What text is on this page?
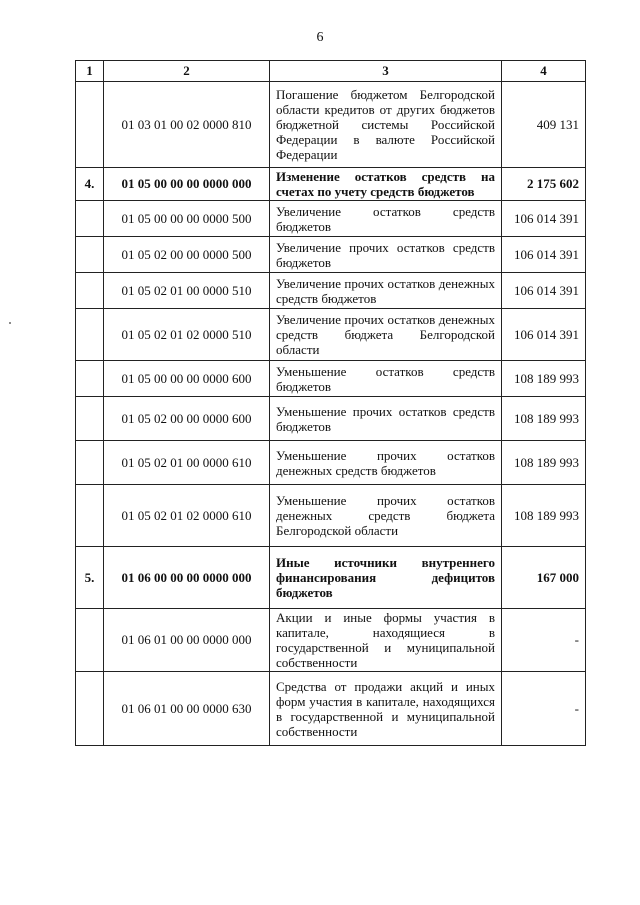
6
1	2	3	4
	01 03 01 00 02 0000 810	Погашение бюджетом Белгородской области кредитов от других бюджетов бюджетной системы Российской Федерации в валюте Российской Федерации	409 131
4.	01 05 00 00 00 0000 000	Изменение остатков средств на счетах по учету средств бюджетов	2 175 602
	01 05 00 00 00 0000 500	Увеличение остатков средств бюджетов	106 014 391
	01 05 02 00 00 0000 500	Увеличение прочих остатков средств бюджетов	106 014 391
	01 05 02 01 00 0000 510	Увеличение прочих остатков денежных средств бюджетов	106 014 391
	01 05 02 01 02 0000 510	Увеличение прочих остатков денежных средств бюджета Белгородской области	106 014 391
	01 05 00 00 00 0000 600	Уменьшение остатков средств бюджетов	108 189 993
	01 05 02 00 00 0000 600	Уменьшение прочих остатков средств бюджетов	108 189 993
	01 05 02 01 00 0000 610	Уменьшение прочих остатков денежных средств бюджетов	108 189 993
	01 05 02 01 02 0000 610	Уменьшение прочих остатков денежных средств бюджета Белгородской области	108 189 993
5.	01 06 00 00 00 0000 000	Иные источники внутреннего финансирования дефицитов бюджетов	167 000
	01 06 01 00 00 0000 000	Акции и иные формы участия в капитале, находящиеся в государственной и муниципальной собственности	-
	01 06 01 00 00 0000 630	Средства от продажи акций и иных форм участия в капитале, находящихся в государственной и муниципальной собственности	-
